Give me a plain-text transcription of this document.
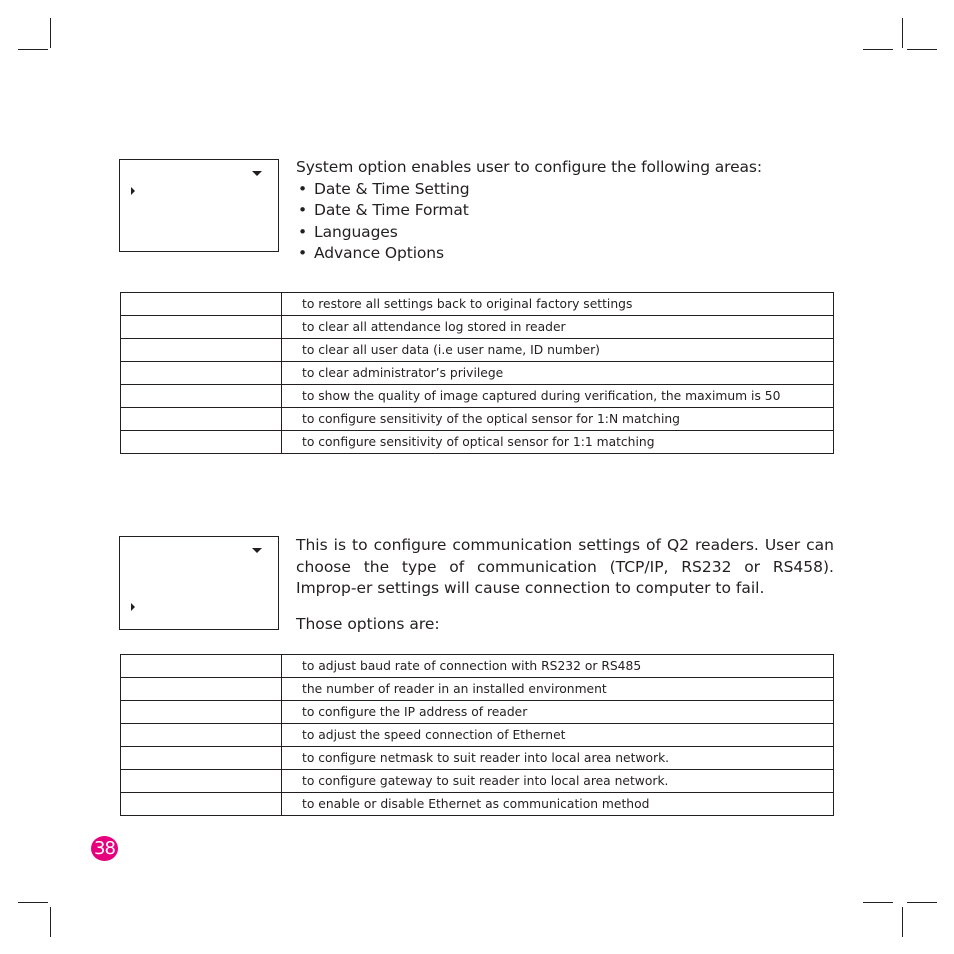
System option enables user to configure the following areas:
• Date & Time Setting
• Date & Time Format
• Languages
• Advance Options
	to restore all settings back to original factory settings
	to clear all attendance log stored in reader
	to clear all user data (i.e user name, ID number)
	to clear administrator’s privilege
	to show the quality of image captured during verification, the maximum is 50
	to configure sensitivity of the optical sensor for 1:N matching
	to configure sensitivity of optical sensor for 1:1 matching
This is to configure communication settings of Q2 readers. User can choose the type of communication (TCP/IP, RS232 or RS458). Improp-er settings will cause connection to computer to fail.
Those options are:
	to adjust baud rate of connection with RS232 or RS485
	the number of reader in an installed environment
	to configure the IP address of reader
	to adjust the speed connection of Ethernet
	to configure netmask to suit reader into local area network.
	to configure gateway to suit reader into local area network.
	to enable or disable Ethernet as communication method
38
